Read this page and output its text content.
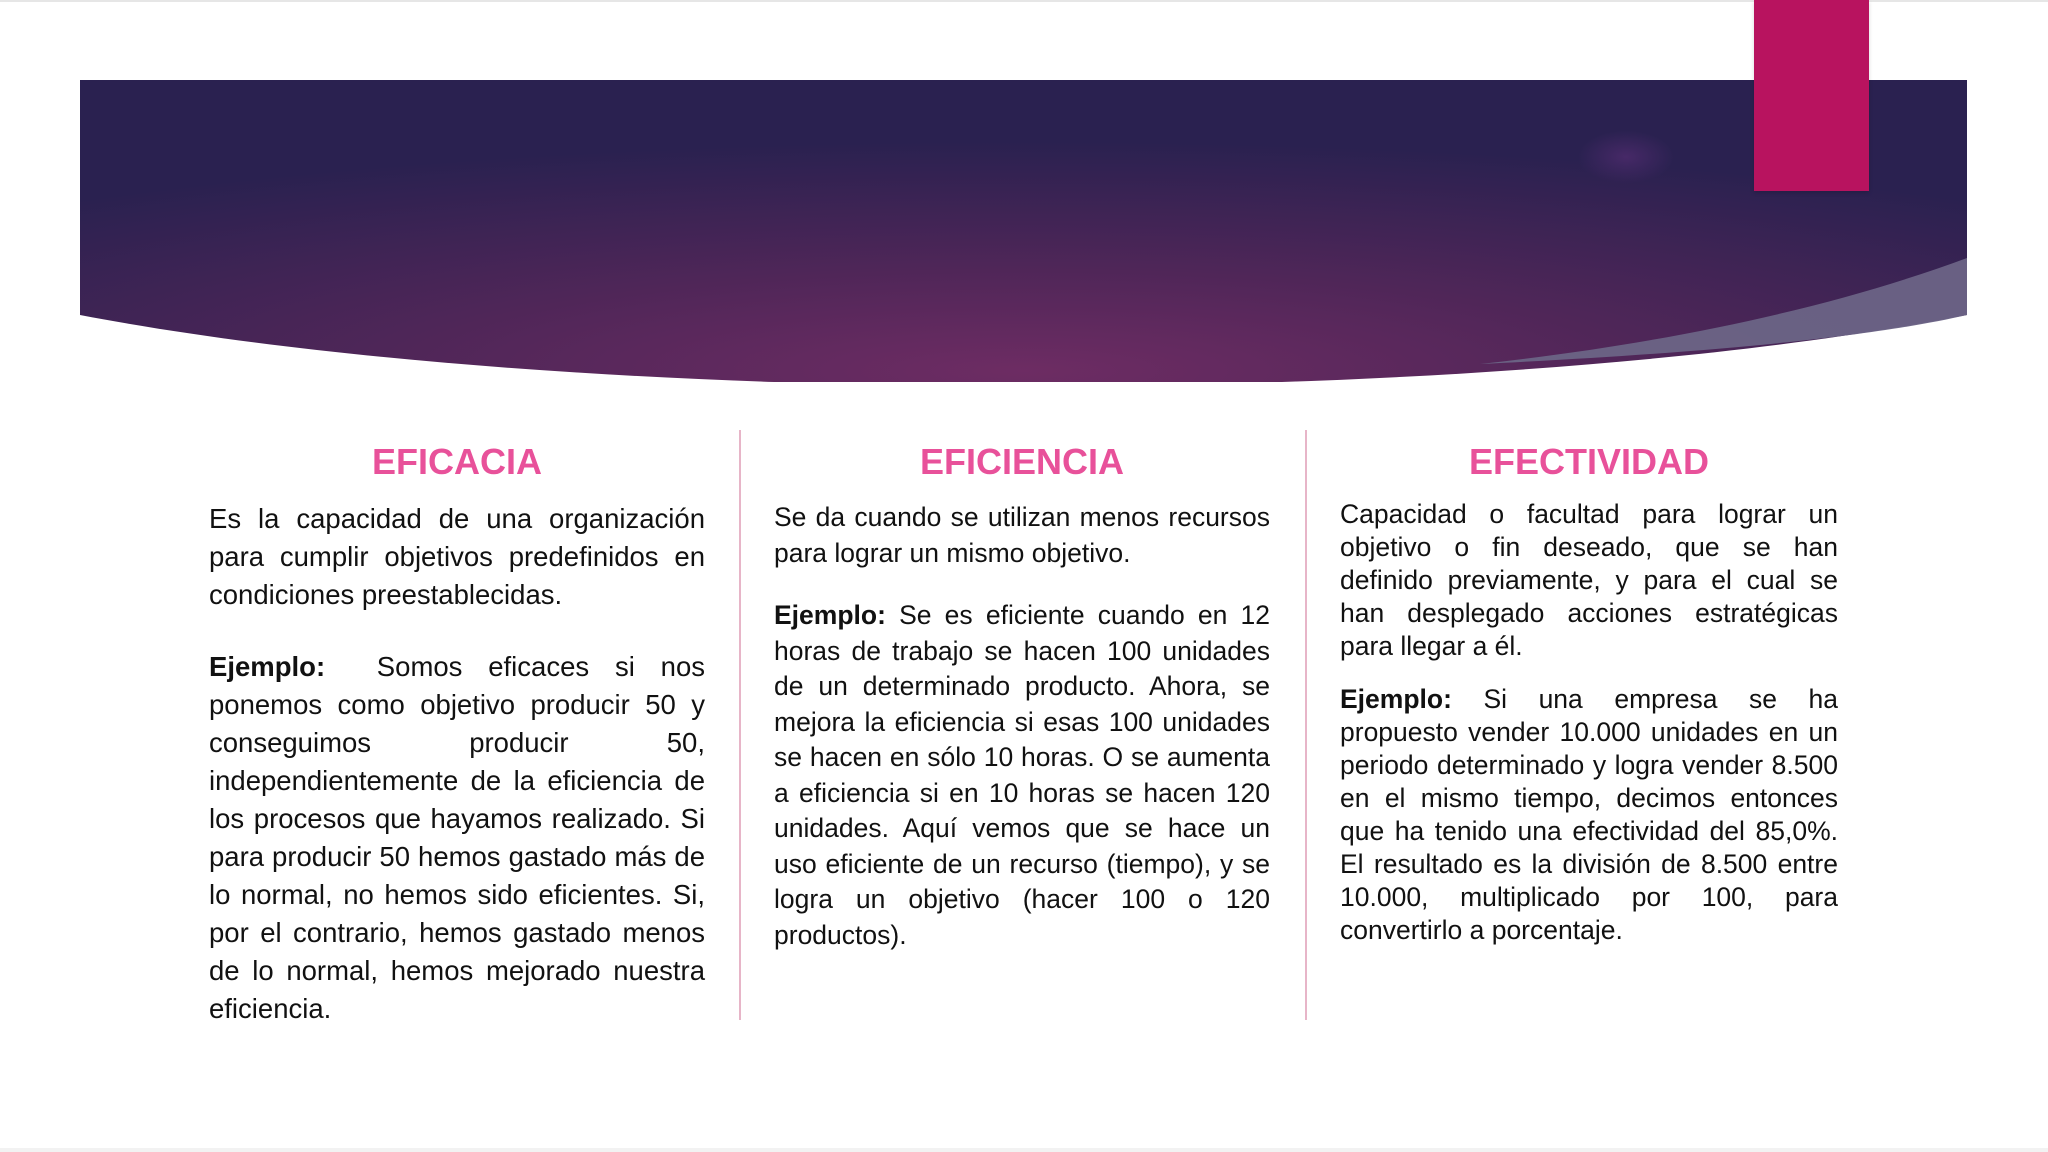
EFICACIA

Es la capacidad de una organización para cumplir objetivos predefinidos en condiciones preestablecidas.

Ejemplo:  Somos eficaces si nos ponemos como objetivo producir 50 y conseguimos producir 50, independientemente de la eficiencia de los procesos que hayamos realizado. Si para producir 50 hemos gastado más de lo normal, no hemos sido eficientes. Si, por el contrario, hemos gastado menos de lo normal, hemos mejorado nuestra eficiencia.

EFICIENCIA

Se da cuando se utilizan menos recursos para lograr un mismo objetivo.

Ejemplo: Se es eficiente cuando en 12 horas de trabajo se hacen 100 unidades de un determinado producto. Ahora, se mejora la eficiencia si esas 100 unidades se hacen en sólo 10 horas. O se aumenta a eficiencia si en 10 horas se hacen 120 unidades. Aquí vemos que se hace un uso eficiente de un recurso (tiempo), y se logra un objetivo (hacer 100 o 120 productos).

EFECTIVIDAD

Capacidad o facultad para lograr un objetivo o fin deseado, que se han definido previamente, y para el cual se han desplegado acciones estratégicas para llegar a él.

Ejemplo: Si una empresa se ha propuesto vender 10.000 unidades en un periodo determinado y logra vender 8.500 en el mismo tiempo, decimos entonces que ha tenido una efectividad del 85,0%. El resultado es la división de 8.500 entre 10.000, multiplicado por 100, para convertirlo a porcentaje.
